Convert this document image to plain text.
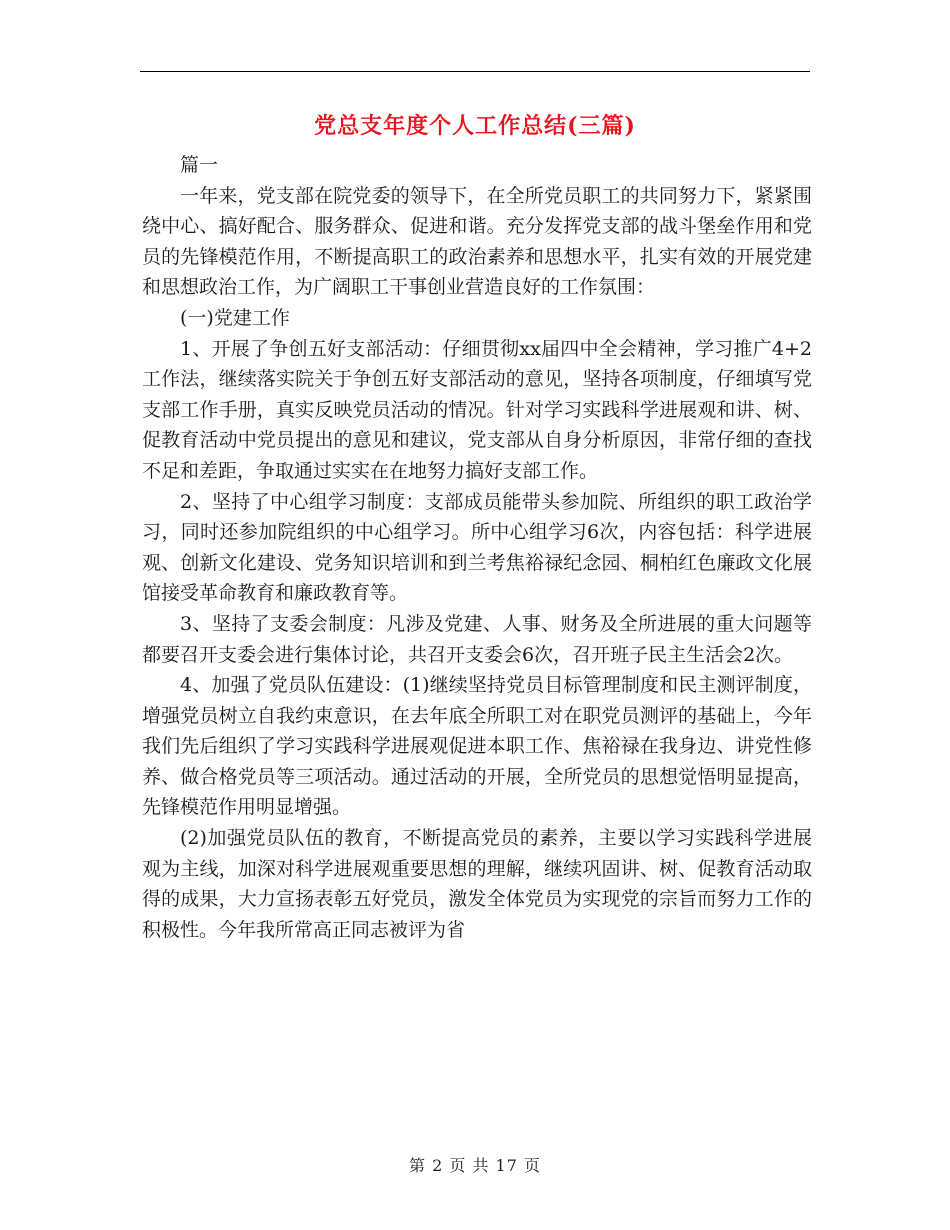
党总支年度个人工作总结(三篇)

篇一

一年来，党支部在院党委的领导下，在全所党员职工的共同努力下，紧紧围绕中心、搞好配合、服务群众、促进和谐。充分发挥党支部的战斗堡垒作用和党员的先锋模范作用，不断提高职工的政治素养和思想水平，扎实有效的开展党建和思想政治工作，为广阔职工干事创业营造良好的工作氛围：

(一)党建工作

1、开展了争创五好支部活动：仔细贯彻xx届四中全会精神，学习推广4+2工作法，继续落实院关于争创五好支部活动的意见，坚持各项制度，仔细填写党支部工作手册，真实反映党员活动的情况。针对学习实践科学进展观和讲、树、促教育活动中党员提出的意见和建议，党支部从自身分析原因，非常仔细的查找不足和差距，争取通过实实在在地努力搞好支部工作。

2、坚持了中心组学习制度：支部成员能带头参加院、所组织的职工政治学习，同时还参加院组织的中心组学习。所中心组学习6次，内容包括：科学进展观、创新文化建设、党务知识培训和到兰考焦裕禄纪念园、桐柏红色廉政文化展馆接受革命教育和廉政教育等。

3、坚持了支委会制度：凡涉及党建、人事、财务及全所进展的重大问题等都要召开支委会进行集体讨论，共召开支委会6次，召开班子民主生活会2次。

4、加强了党员队伍建设：(1)继续坚持党员目标管理制度和民主测评制度，增强党员树立自我约束意识，在去年底全所职工对在职党员测评的基础上，今年我们先后组织了学习实践科学进展观促进本职工作、焦裕禄在我身边、讲党性修养、做合格党员等三项活动。通过活动的开展，全所党员的思想觉悟明显提高，先锋模范作用明显增强。

(2)加强党员队伍的教育，不断提高党员的素养，主要以学习实践科学进展观为主线，加深对科学进展观重要思想的理解，继续巩固讲、树、促教育活动取得的成果，大力宣扬表彰五好党员，激发全体党员为实现党的宗旨而努力工作的积极性。今年我所常高正同志被评为省

第 2 页 共 17 页
